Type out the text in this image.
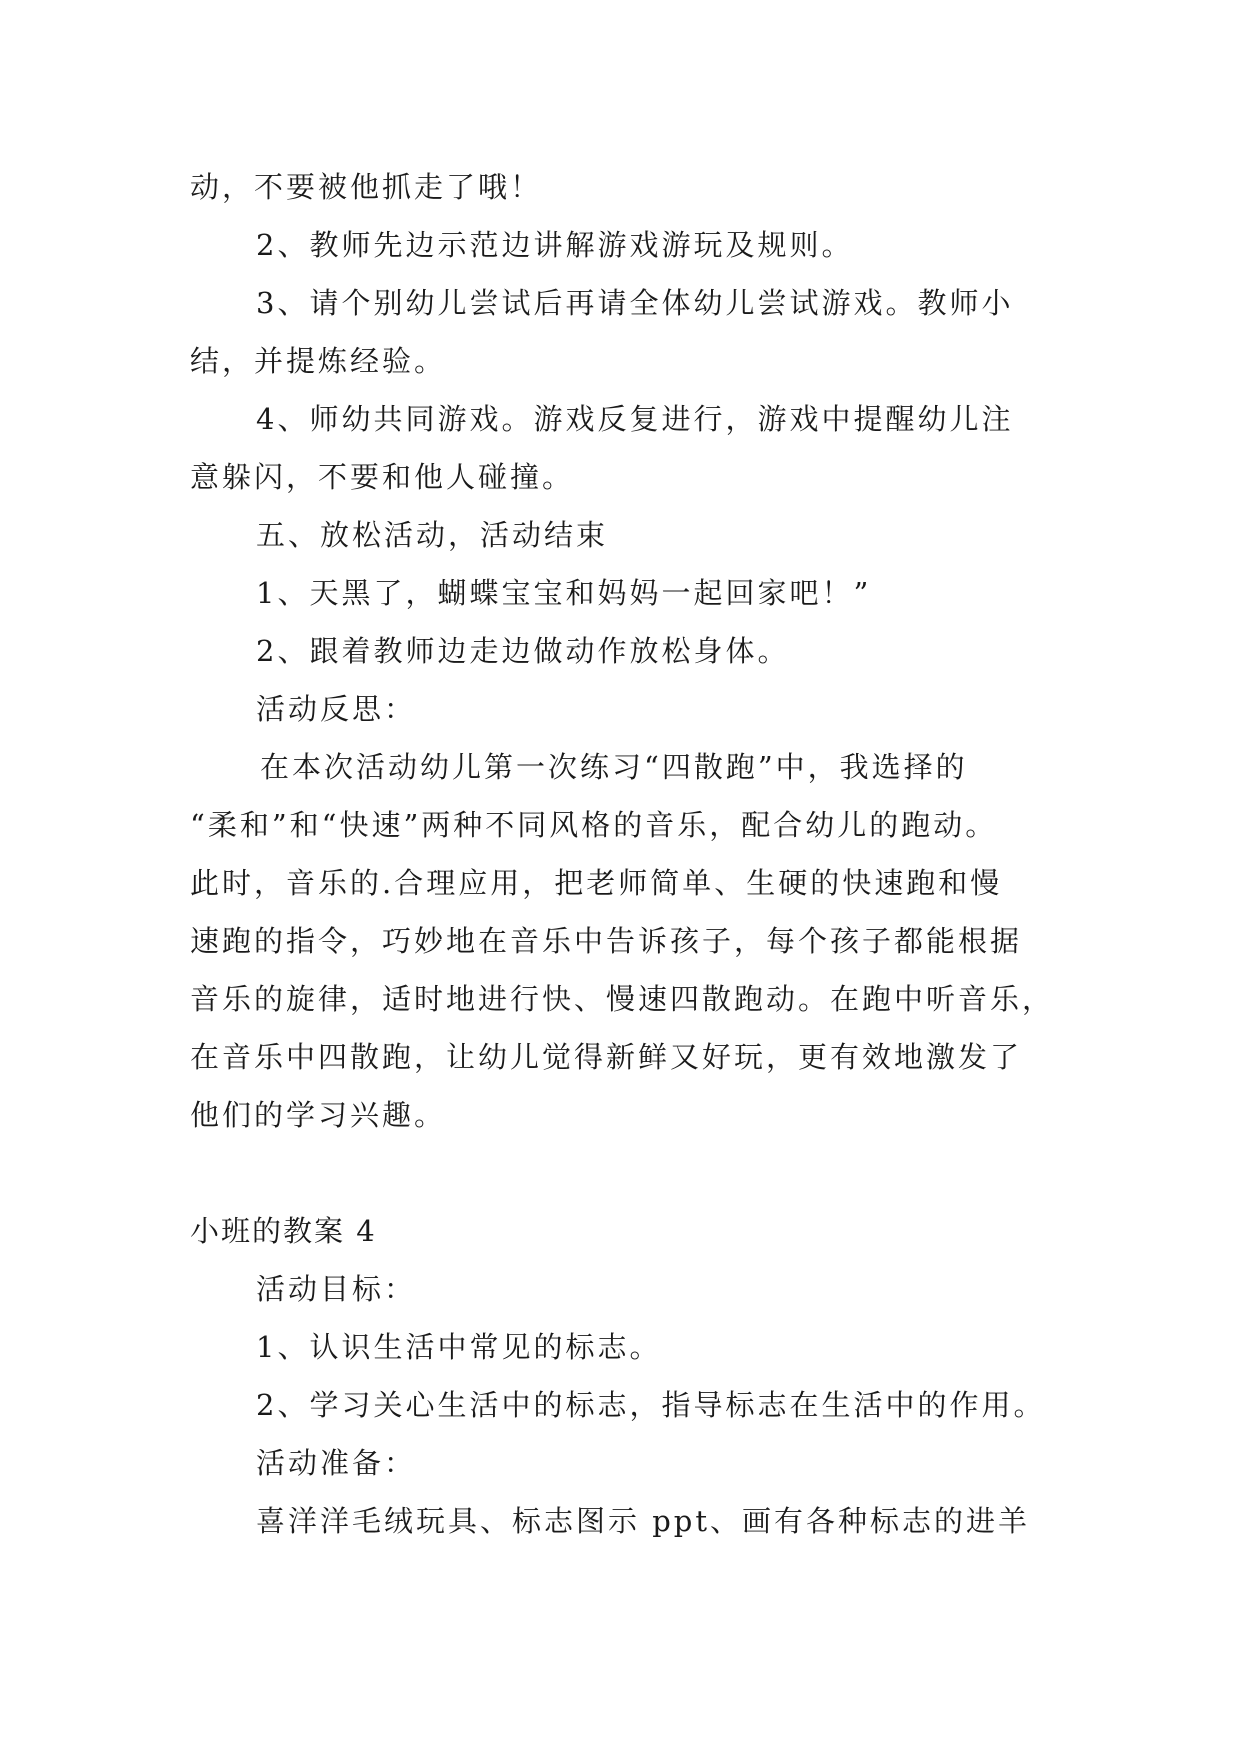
动，不要被他抓走了哦！
2、教师先边示范边讲解游戏游玩及规则。
3、请个别幼儿尝试后再请全体幼儿尝试游戏。教师小
结，并提炼经验。
4、师幼共同游戏。游戏反复进行，游戏中提醒幼儿注
意躲闪，不要和他人碰撞。
五、放松活动，活动结束
1、天黑了，蝴蝶宝宝和妈妈一起回家吧！”
2、跟着教师边走边做动作放松身体。
活动反思：
在本次活动幼儿第一次练习“四散跑”中，我选择的
“柔和”和“快速”两种不同风格的音乐，配合幼儿的跑动。
此时，音乐的.合理应用，把老师简单、生硬的快速跑和慢
速跑的指令，巧妙地在音乐中告诉孩子，每个孩子都能根据
音乐的旋律，适时地进行快、慢速四散跑动。在跑中听音乐，
在音乐中四散跑，让幼儿觉得新鲜又好玩，更有效地激发了
他们的学习兴趣。
小班的教案 4
活动目标：
1、认识生活中常见的标志。
2、学习关心生活中的标志，指导标志在生活中的作用。
活动准备：
喜洋洋毛绒玩具、标志图示 ppt、画有各种标志的进羊
